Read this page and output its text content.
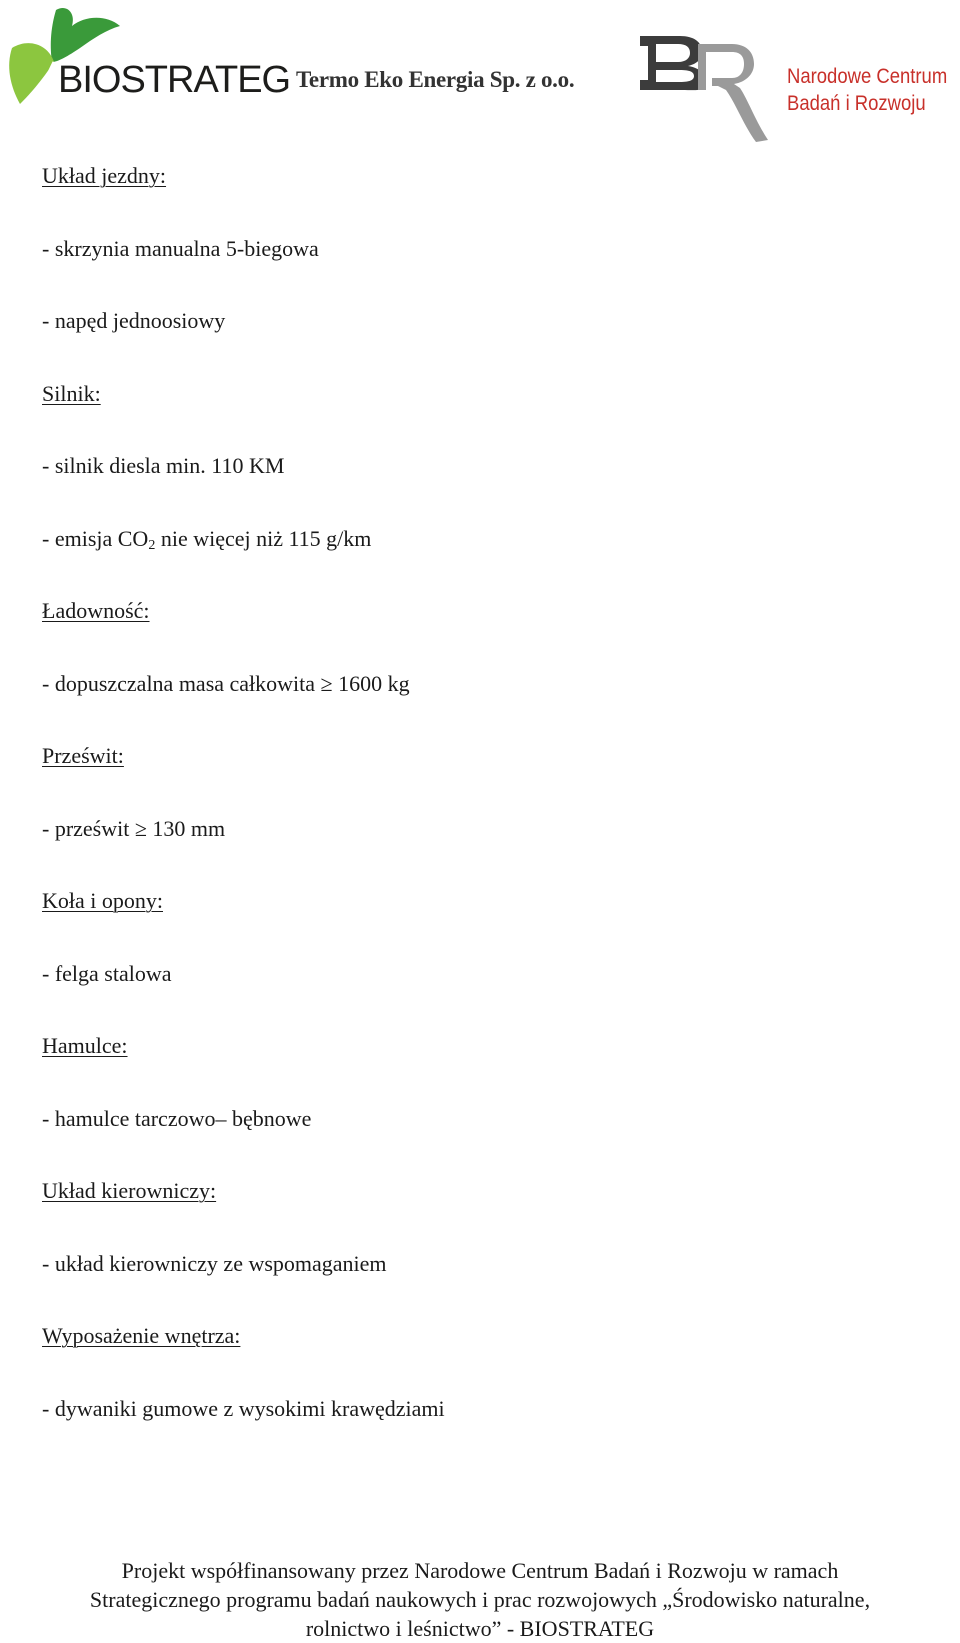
BIOSTRATEG Termo Eko Energia Sp. z o.o.	Narodowe Centrum
Badań i Rozwoju
Układ jezdny:
- skrzynia manualna 5-biegowa
- napęd jednoosiowy
Silnik:
- silnik diesla min. 110 KM
- emisja $CO_2$ nie więcej niż 115 g/km
Ładowność:
- dopuszczalna masa całkowita ≥ 1600 kg
Prześwit:
- prześwit ≥ 130 mm
Koła i opony:
- felga stalowa
Hamulce:
- hamulce tarczowo– bębnowe
Układ kierowniczy:
- układ kierowniczy ze wspomaganiem
Wyposażenie wnętrza:
- dywaniki gumowe z wysokimi krawędziami
Projekt współfinansowany przez Narodowe Centrum Badań i Rozwoju w ramach
Strategicznego programu badań naukowych i prac rozwojowych „Środowisko naturalne,
rolnictwo i leśnictwo” - BIOSTRATEG
